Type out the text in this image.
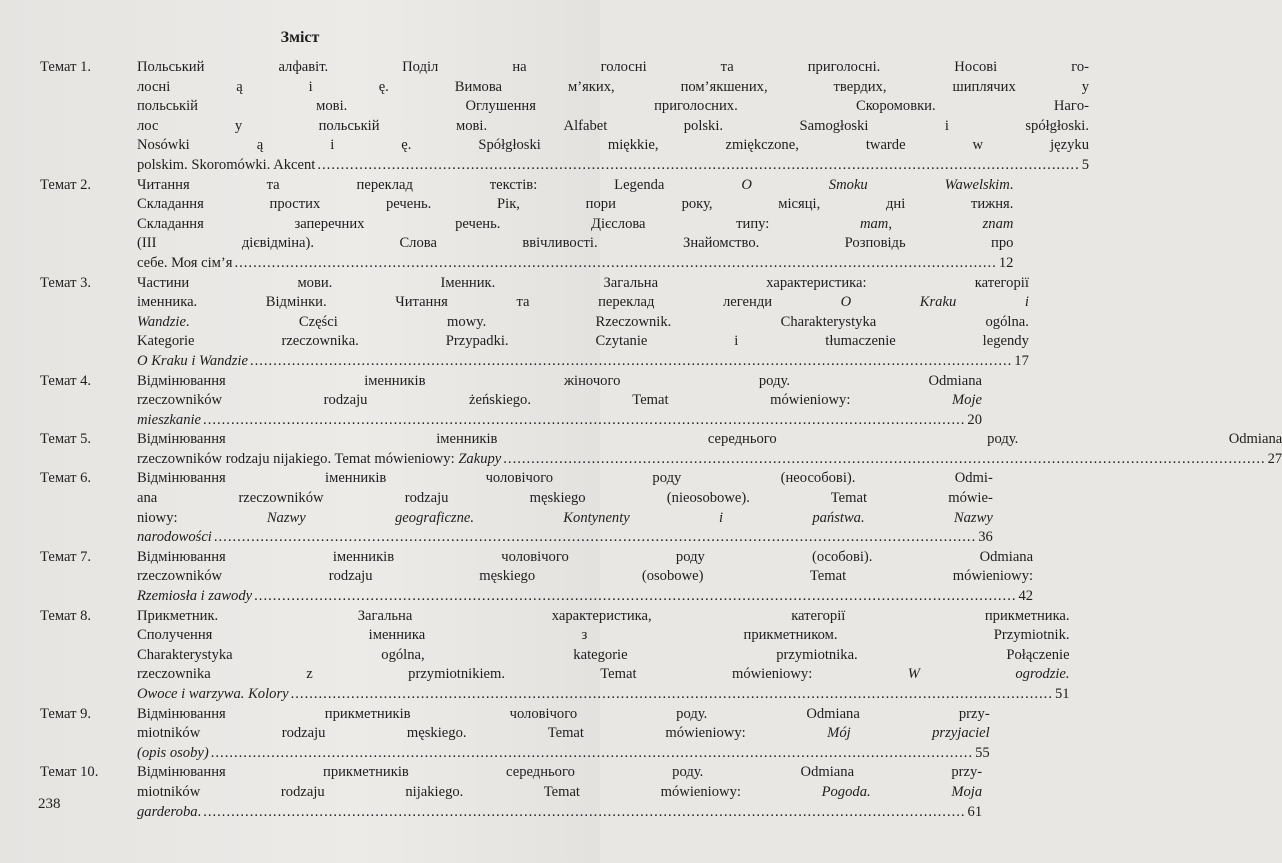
Зміст
Темат 1.	Польський алфавіт. Поділ на голосні та приголосні. Носові го-
лосні ą і ę. Вимова м’яких, пом’якшених, твердих, шиплячих у
польській мові. Оглушення приголосних. Скоромовки. Нагo-
лос у польській мові. Alfabet polski. Samogłoski i spółgłoski.
Nosówki ą i ę. Spółgłoski miękkie, zmiękczone, twarde w języku
polskim. Skoromówki. Akcent .....	5
Темат 2.	Читання та переклад текстів: Legenda O Smoku Wawelskim.
Складання простих речень. Рік, пори року, місяці, дні тижня.
Складання заперечних речень. Дієслова типу: mam, znam
(III дієвідміна). Слова ввічливості. Знайомство. Розповідь про
себе. Моя сім’я .....	12
Темат 3.	Частини мови. Іменник. Загальна характеристика: категорії
іменника. Відмінки. Читання та переклад легенди O Kraku i
Wandzie. Części mowy. Rzeczownik. Charakterystyka ogólna.
Kategorie rzeczownika. Przypadki. Czytanie i tłumaczenie legendy
O Kraku i Wandzie .....	17
Темат 4.	Відмінювання іменників жіночого роду. Odmiana
rzeczowników rodzaju żeńskiego. Temat mówieniowy: Moje
mieszkanie .....	20
Темат 5.	Відмінювання іменників середнього роду. Odmiana
rzeczowników rodzaju nijakiego. Temat mówieniowy: Zakupy .....	27
Темат 6.	Відмінювання іменників чоловічого роду (неособові). Odmi-
ana rzeczowników rodzaju męskiego (nieosobowe). Temat mówie-
niowy: Nazwy geograficzne. Kontynenty i państwa. Nazwy
narodowości .....	36
Темат 7.	Відмінювання іменників чоловічого роду (особові). Odmiana
rzeczowników rodzaju męskiego (osobowe) Temat mówieniowy:
Rzemiosła i zawody .....	42
Темат 8.	Прикметник. Загальна характеристика, категорії прикметника.
Сполучення іменника з прикметником. Przymiotnik.
Charakterystyka ogólna, kategorie przymiotnika. Połączenie
rzeczownika z przymiotnikiem. Temat mówieniowy: W ogrodzie.
Owoce i warzywa. Kolory .....	51
Темат 9.	Відмінювання прикметників чоловічого роду. Odmiana przy-
miotników rodzaju męskiego. Temat mówieniowy: Mój przyjaciel
(opis osoby) .....	55
Темат 10.	Відмінювання прикметників середнього роду. Odmiana przy-
miotników rodzaju nijakiego. Temat mówieniowy: Pogoda. Moja
garderoba. .....	61
238
